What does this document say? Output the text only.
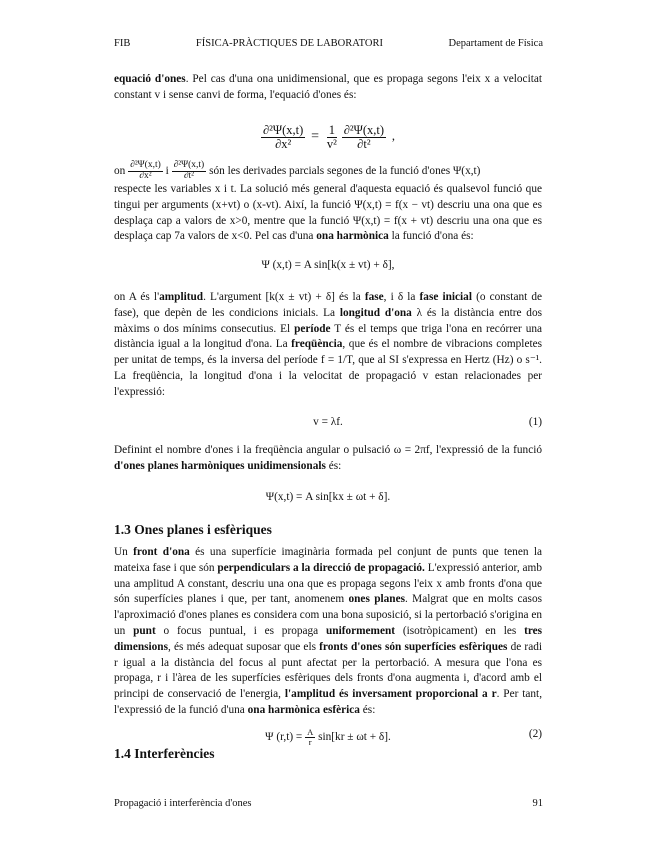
FIB	FÍSICA-PRÀCTIQUES DE LABORATORI	Departament de Física

equació d'ones. Pel cas d'una ona unidimensional, que es propaga segons l'eix x a velocitat constant v i sense canvi de forma, l'equació d'ones és:

$\frac{\text{∂²Ψ(x,t)}}{\text{∂x²}} = \frac{1}{\text{v²}}$
$\frac{\text{∂²Ψ(x,t)}}{\text{∂t²}}$ ,

on $\frac{\text{∂²Ψ(x,t)}}{\text{∂x²}}$ i $\frac{\text{∂²Ψ(x,t)}}{\text{∂t²}}$ són les derivades parcials segones de la funció d'ones Ψ(x,t)

respecte les variables x i t. La solució més general d'aquesta equació és qualsevol funció que tingui per arguments (x+vt) o (x-vt). Així, la funció Ψ(x,t) = f(x − vt) descriu una ona que es desplaça cap a valors de x>0, mentre que la funció Ψ(x,t) = f(x + vt) descriu una ona que es desplaça cap 7a valors de x<0. Pel cas d'una ona harmònica la funció d'ona és:

Ψ (x,t) = A sin[k(x ± vt) + δ],

on A és l'amplitud. L'argument [k(x ± vt) + δ] és la fase, i δ la fase inicial (o constant de fase), que depèn de les condicions inicials. La longitud d'ona λ és la distància entre dos màxims o dos mínims consecutius. El període T és el temps que triga l'ona en recórrer una distància igual a la longitud d'ona. La freqüència, que és el nombre de vibracions completes per unitat de temps, és la inversa del període f = 1/T, que al SI s'expressa en Hertz (Hz) o s⁻¹. La freqüència, la longitud d'ona i la velocitat de propagació v estan relacionades per l'expressió:

v = λf.	(1)

Definint el nombre d'ones i la freqüència angular o pulsació ω = 2πf, l'expressió de la funció d'ones planes harmòniques unidimensionals és:

Ψ(x,t) = A sin[kx ± ωt + δ].
1.3 Ones planes i esfèriques

Un front d'ona és una superfície imaginària formada pel conjunt de punts que tenen la mateixa fase i que són perpendiculars a la direcció de propagació. L'expressió anterior, amb una amplitud A constant, descriu una ona que es propaga segons l'eix x amb fronts d'ona que són superfícies planes i que, per tant, anomenem ones planes. Malgrat que en molts casos l'aproximació d'ones planes es considera com una bona suposició, si la pertorbació s'origina en un punt o focus puntual, i es propaga uniformement (isotròpicament) en les tres dimensions, és més adequat suposar que els fronts d'ones són superfícies esfèriques de radi r igual a la distància del focus al punt afectat per la pertorbació. A mesura que l'ona es propaga, r i l'àrea de les superfícies esfèriques dels fronts d'ona augmenta i, d'acord amb el principi de conservació de l'energia, l'amplitud és inversament proporcional a r. Per tant, l'expressió de la funció d'una ona harmònica esfèrica és:

Ψ $(r,t) = \frac{A}{r} \sin[kr \pm \omega t + \delta]$.	(2)
1.4 Interferències
Propagació i interferència d'ones	91
